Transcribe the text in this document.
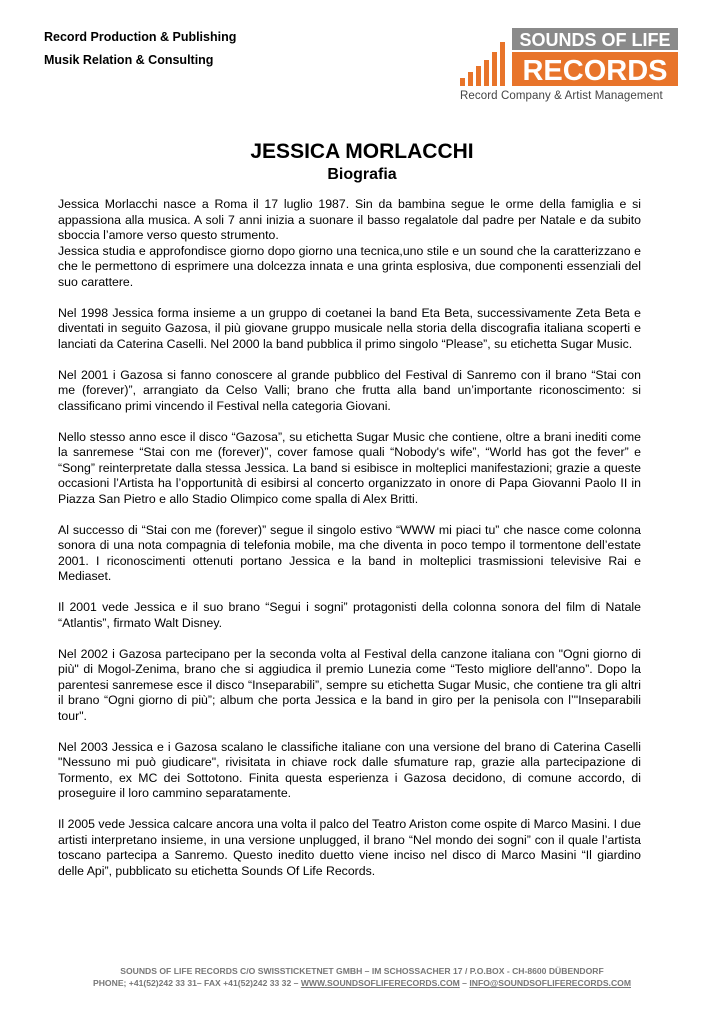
Record Production & Publishing
Musik Relation & Consulting
SOUNDS OF LIFE
RECORDS
Record Company & Artist Management
JESSICA MORLACCHI
Biografia
Jessica Morlacchi nasce a Roma il 17 luglio 1987. Sin da bambina segue le orme della famiglia e si appassiona alla musica. A soli 7 anni inizia a suonare il basso regalatole dal padre per Natale e da subito sboccia l’amore verso questo strumento.

Jessica studia e approfondisce giorno dopo giorno una tecnica,uno stile e un sound che la caratterizzano e che le permettono di esprimere una dolcezza innata e una grinta esplosiva, due componenti essenziali del suo carattere.

Nel 1998 Jessica forma insieme a un gruppo di coetanei la band Eta Beta, successivamente Zeta Beta e diventati in seguito Gazosa, il più giovane gruppo musicale nella storia della discografia italiana scoperti e lanciati da Caterina Caselli. Nel 2000 la band pubblica il primo singolo “Please”, su etichetta Sugar Music.

Nel 2001 i Gazosa si fanno conoscere al grande pubblico del Festival di Sanremo con il brano “Stai con me (forever)”, arrangiato da Celso Valli; brano che frutta alla band un’importante riconoscimento: si classificano primi vincendo il Festival nella categoria Giovani.

Nello stesso anno esce il disco “Gazosa”, su etichetta Sugar Music che contiene, oltre a brani inediti come la sanremese “Stai con me (forever)”, cover famose quali “Nobody's wife”, “World has got the fever” e “Song” reinterpretate dalla stessa Jessica. La band si esibisce in molteplici manifestazioni; grazie a queste occasioni l’Artista ha l’opportunità di esibirsi al concerto organizzato in onore di Papa Giovanni Paolo II in Piazza San Pietro e allo Stadio Olimpico come spalla di Alex Britti.

Al successo di “Stai con me (forever)” segue il singolo estivo “WWW mi piaci tu” che nasce come colonna sonora di una nota compagnia di telefonia mobile, ma che diventa in poco tempo il tormentone dell’estate 2001. I riconoscimenti ottenuti portano Jessica e la band in molteplici trasmissioni televisive Rai e Mediaset.

Il 2001 vede Jessica e il suo brano “Segui i sogni” protagonisti della colonna sonora del film di Natale “Atlantis”, firmato Walt Disney.

Nel 2002 i Gazosa partecipano per la seconda volta al Festival della canzone italiana con "Ogni giorno di più" di Mogol-Zenima, brano che si aggiudica il premio Lunezia come “Testo migliore dell'anno”. Dopo la parentesi sanremese esce il disco “Inseparabili”, sempre su etichetta Sugar Music, che contiene tra gli altri il brano “Ogni giorno di più”; album che porta Jessica e la band in giro per la penisola con l’"Inseparabili tour".

Nel 2003 Jessica e i Gazosa scalano le classifiche italiane con una versione del brano di Caterina Caselli "Nessuno mi può giudicare", rivisitata in chiave rock dalle sfumature rap, grazie alla partecipazione di Tormento, ex MC dei Sottotono. Finita questa esperienza i Gazosa decidono, di comune accordo, di proseguire il loro cammino separatamente.

Il 2005 vede Jessica calcare ancora una volta il palco del Teatro Ariston come ospite di Marco Masini. I due artisti interpretano insieme, in una versione unplugged, il brano “Nel mondo dei sogni” con il quale l’artista toscano partecipa a Sanremo. Questo inedito duetto viene inciso nel disco di Marco Masini “Il giardino delle Api”, pubblicato su etichetta Sounds Of Life Records.

SOUNDS OF LIFE RECORDS C/O SWISSTICKETNET GMBH – IM SCHOSSACHER 17 / P.O.BOX - CH-8600 DÜBENDORF
PHONE; +41(52)242 33 31– FAX +41(52)242 33 32 – WWW.SOUNDSOFLIFERECORDS.COM – INFO@SOUNDSOFLIFERECORDS.COM
